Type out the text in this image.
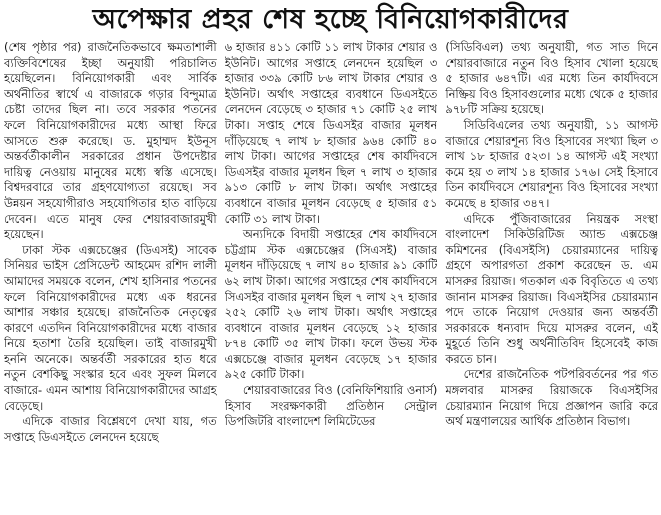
অপেক্ষার প্রহর শেষ হচ্ছে বিনিয়োগকারীদের

(শেষ পৃষ্ঠার পর) রাজনৈতিকভাবে ক্ষমতাশালী ব্যক্তিবিশেষের ইচ্ছা অনুযায়ী পরিচালিত হয়েছিলেন। বিনিয়োগকারী এবং সার্বিক অর্থনীতির স্বার্থে এ বাজারকে গড়ার বিন্দুমাত্র চেষ্টা তাদের ছিল না। তবে সরকার পতনের ফলে বিনিয়োগকারীদের মধ্যে আস্থা ফিরে আসতে শুরু করেছে। ড. মুহাম্মদ ইউনূস অন্তর্বর্তীকালীন সরকারের প্রধান উপদেষ্টার দায়িত্ব নেওয়ায় মানুষের মধ্যে স্বস্তি এসেছে। বিশ্বদরবারে তার গ্রহণযোগ্যতা রয়েছে। সব উন্নয়ন সহযোগীরাও সহযোগিতার হাত বাড়িয়ে দেবেন। এতে মানুষ ফের শেয়ারবাজারমুখী হয়েছেন।

ঢাকা স্টক এক্সচেঞ্জের (ডিএসই) সাবেক সিনিয়র ভাইস প্রেসিডেন্ট আহমেদ রশিদ লালী আমাদের সময়কে বলেন, শেখ হাসিনার পতনের ফলে বিনিয়োগকারীদের মধ্যে এক ধরনের আশার সঞ্চার হয়েছে। রাজনৈতিক নেতৃত্বের কারণে এতদিন বিনিয়োগকারীদের মধ্যে বাজার নিয়ে হতাশা তৈরি হয়েছিল। তাই বাজারমুখী হননি অনেকে। অন্তর্বর্তী সরকারের হাত ধরে নতুন বেশকিছু সংস্কার হবে এবং সুফল মিলবে বাজারে- এমন আশায় বিনিয়োগকারীদের আগ্রহ বেড়েছে।

এদিকে বাজার বিশ্লেষণে দেখা যায়, গত সপ্তাহে ডিএসইতে লেনদেন হয়েছে

৬ হাজার ৪১১ কোটি ১১ লাখ টাকার শেয়ার ও ইউনিট। আগের সপ্তাহে লেনদেন হয়েছিল ৩ হাজার ৩৩৯ কোটি ৮৬ লাখ টাকার শেয়ার ও ইউনিট। অর্থাৎ সপ্তাহের ব্যবধানে ডিএসইতে লেনদেন বেড়েছে ৩ হাজার ৭১ কোটি ২৫ লাখ টাকা। সপ্তাহ শেষে ডিএসইর বাজার মূলধন দাঁড়িয়েছে ৭ লাখ ৮ হাজার ৯৬৪ কোটি ৪০ লাখ টাকা। আগের সপ্তাহের শেষ কার্যদিবসে ডিএসইর বাজার মূলধন ছিল ৭ লাখ ৩ হাজার ৯১৩ কোটি ৮ লাখ টাকা। অর্থাৎ সপ্তাহের ব্যবধানে বাজার মূলধন বেড়েছে ৫ হাজার ৫১ কোটি ৩১ লাখ টাকা।

অন্যদিকে বিদায়ী সপ্তাহের শেষ কার্যদিবসে চট্টগ্রাম স্টক এক্সচেঞ্জের (সিএসই) বাজার মূলধন দাঁড়িয়েছে ৭ লাখ ৪০ হাজার ৯১ কোটি ৬২ লাখ টাকা। আগের সপ্তাহের শেষ কার্যদিবসে সিএসইর বাজার মূলধন ছিল ৭ লাখ ২৭ হাজার ২৫২ কোটি ২৬ লাখ টাকা। অর্থাৎ সপ্তাহের ব্যবধানে বাজার মূলধন বেড়েছে ১২ হাজার ৮৭৪ কোটি ৩৫ লাখ টাকা। ফলে উভয় স্টক এক্সচেঞ্জে বাজার মূলধন বেড়েছে ১৭ হাজার ৯২৫ কোটি টাকা।

শেয়ারবাজারের বিও (বেনিফিশিয়ারি ওনার্স) হিসাব সংরক্ষণকারী প্রতিষ্ঠান সেন্ট্রাল ডিপজিটরি বাংলাদেশ লিমিটেডের

(সিডিবিএল) তথ্য অনুযায়ী, গত সাত দিনে শেয়ারবাজারে নতুন বিও হিসাব খোলা হয়েছে ৫ হাজার ৬৪৭টি। এর মধ্যে তিন কার্যদিবসে নিষ্ক্রিয় বিও হিসাবগুলোর মধ্যে থেকে ৫ হাজার ৯৭৮টি সক্রিয় হয়েছে।

সিডিবিএলের তথ্য অনুযায়ী, ১১ আগস্ট বাজারে শেয়ারশূন্য বিও হিসাবের সংখ্যা ছিল ৩ লাখ ১৮ হাজার ৫২৩। ১৪ আগস্ট এই সংখ্যা কমে হয় ৩ লাখ ১৪ হাজার ১৭৬। সেই হিসাবে তিন কার্যদিবসে শেয়ারশূন্য বিও হিসাবের সংখ্যা কমেছে ৪ হাজার ৩৪৭।

এদিকে পুঁজিবাজারের নিয়ন্ত্রক সংস্থা বাংলাদেশ সিকিউরিটিজ অ্যান্ড এক্সচেঞ্জ কমিশনের (বিএসইসি) চেয়ারম্যানের দায়িত্ব গ্রহণে অপারগতা প্রকাশ করেছেন ড. এম মাসরুর রিয়াজ। গতকাল এক বিবৃতিতে এ তথ্য জানান মাসরুর রিয়াজ। বিএসইসির চেয়ারম্যান পদে তাকে নিয়োগ দেওয়ার জন্য অন্তর্বর্তী সরকারকে ধন্যবাদ দিয়ে মাসরুর বলেন, এই মুহূর্তে তিনি শুধু অর্থনীতিবিদ হিসেবেই কাজ করতে চান।

দেশের রাজনৈতিক পটপরিবর্তনের পর গত মঙ্গলবার মাসরুর রিয়াজকে বিএসইসির চেয়ারম্যান নিয়োগ দিয়ে প্রজ্ঞাপন জারি করে অর্থ মন্ত্রণালয়ের আর্থিক প্রতিষ্ঠান বিভাগ।
